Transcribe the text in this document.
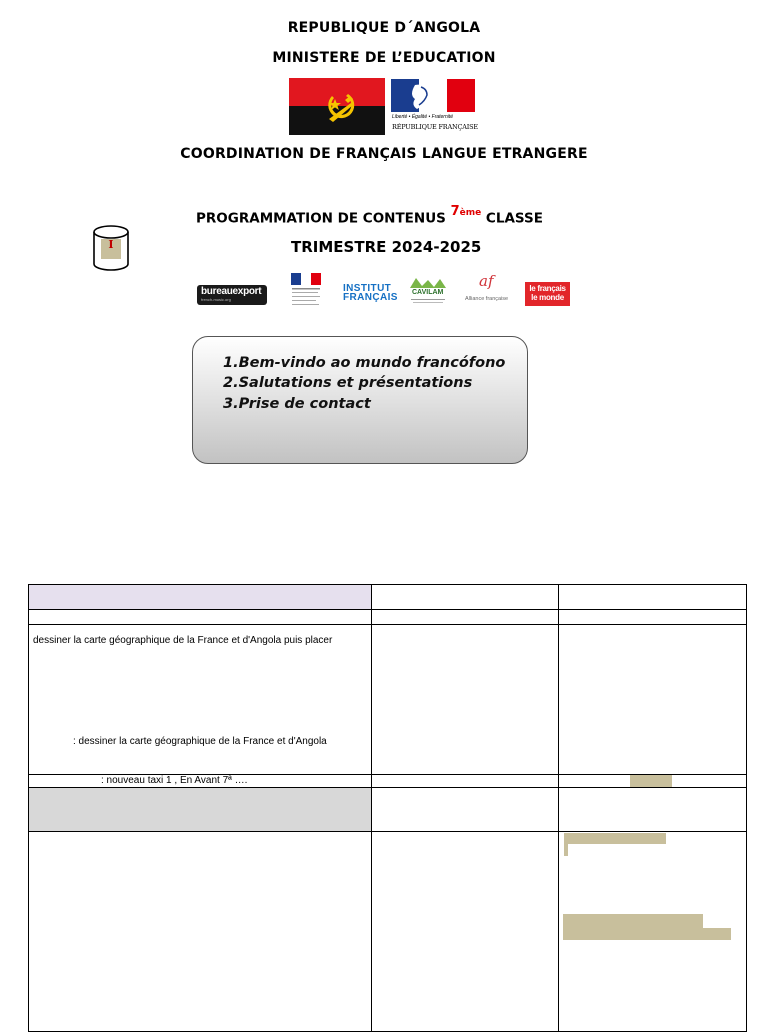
REPUBLIQUE D´ANGOLA
MINISTERE DE L’EDUCATION
Liberté • Égalité • Fraternité
RÉPUBLIQUE FRANÇAISE
COORDINATION DE FRANÇAIS LANGUE ETRANGERE
I
PROGRAMMATION DE CONTENUS $^{7ème}$ CLASSE
TRIMESTRE 2024-2025
bureauexport
french-music.org
INSTITUT
FRANÇAIS CAVILAM
af
Alliance française
le français
le monde
1.Bem-vindo ao mundo francófono
2.Salutations et présentations
3.Prise de contact

dessiner la carte géographique de la France et d'Angola puis placer
: dessiner la carte géographique de la France et d'Angola		

: nouveau taxi 1 , En Avant 7ª ….		
